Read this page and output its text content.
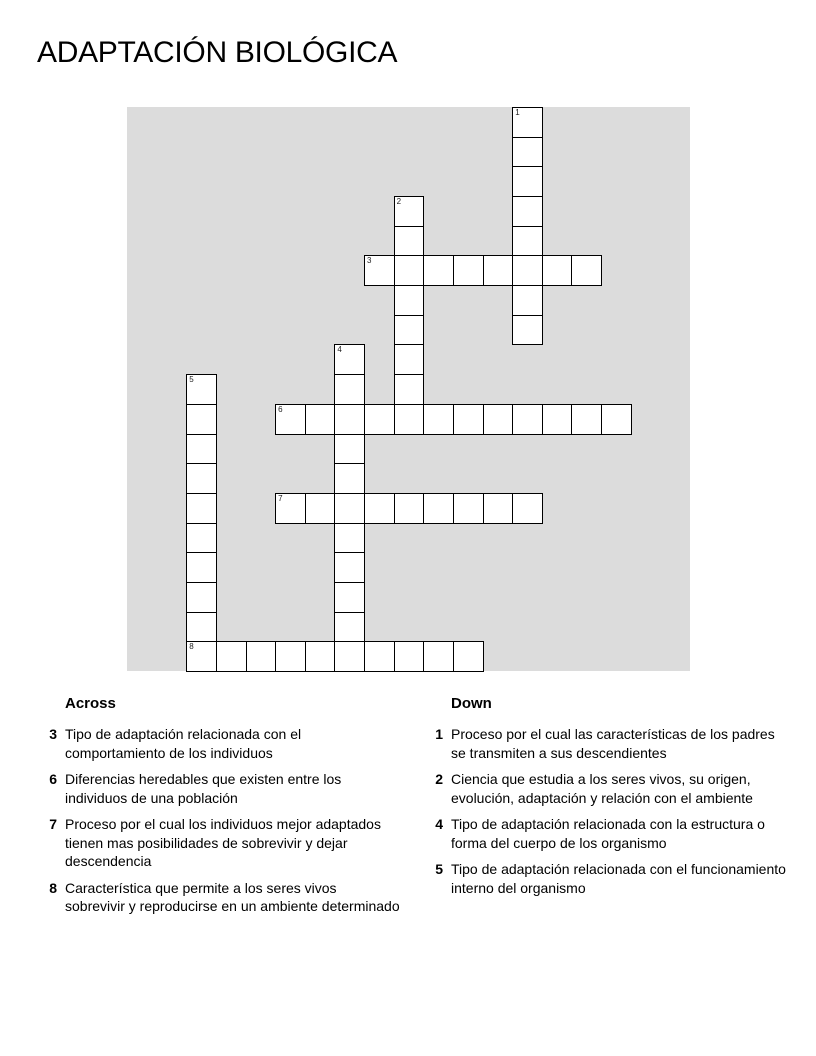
ADAPTACIÓN BIOLÓGICA
1
2
3
4
5
8
6
7
Across
3 Tipo de adaptación relacionada con el comportamiento de los individuos
6 Diferencias heredables que existen entre los individuos de una población
7 Proceso por el cual los individuos mejor adaptados tienen mas posibilidades de sobrevivir y dejar descendencia
8 Característica que permite a los seres vivos sobrevivir y reproducirse en un ambiente determinado
Down
1 Proceso por el cual las características de los padres se transmiten a sus descendientes
2 Ciencia que estudia a los seres vivos, su origen, evolución, adaptación y relación con el ambiente
4 Tipo de adaptación relacionada con la estructura o forma del cuerpo de los organismo
5 Tipo de adaptación relacionada con el funcionamiento interno del organismo
